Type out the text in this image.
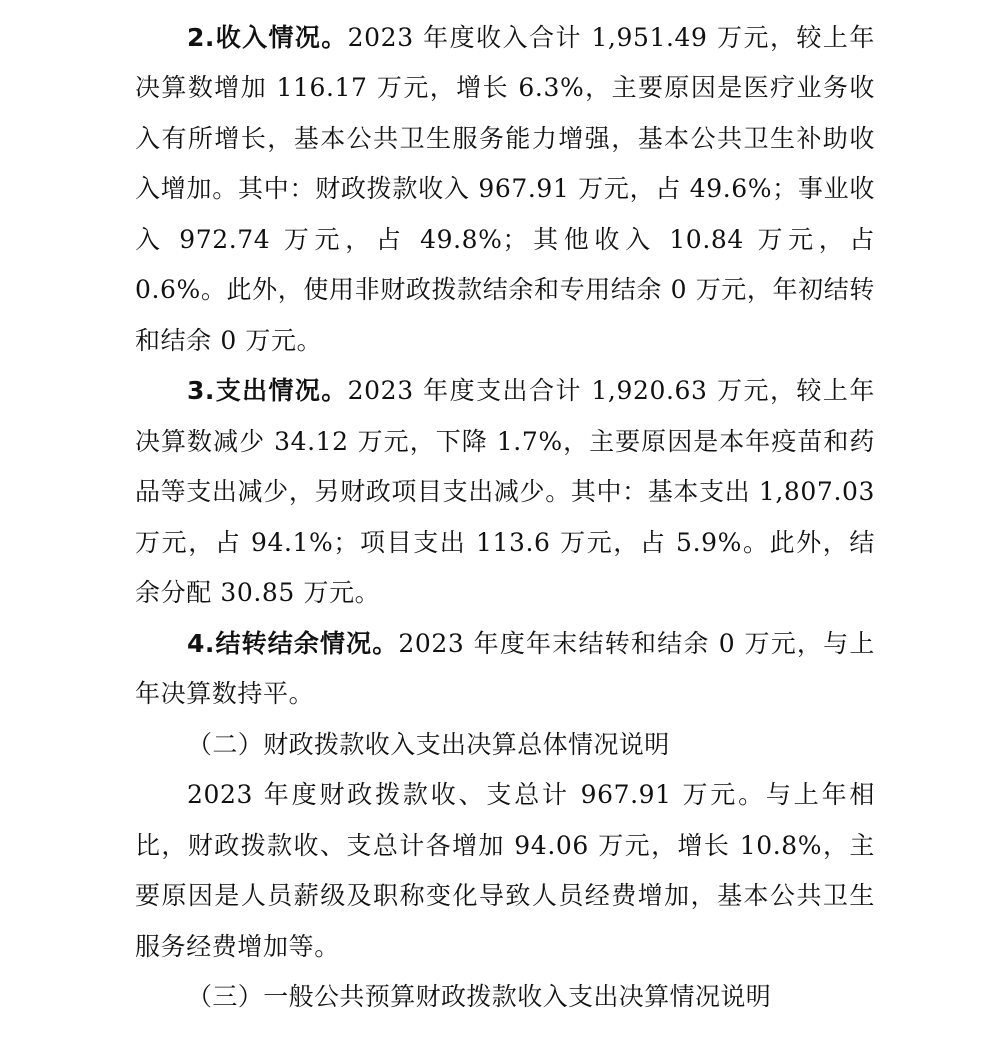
2.收入情况。2023 年度收入合计 1,951.49 万元，较上年决算数增加 116.17 万元，增长 6.3%，主要原因是医疗业务收入有所增长，基本公共卫生服务能力增强，基本公共卫生补助收入增加。其中：财政拨款收入 967.91 万元，占 49.6%；事业收入 972.74 万元，占 49.8%；其他收入 10.84 万元，占 0.6%。此外，使用非财政拨款结余和专用结余 0 万元，年初结转和结余 0 万元。

3.支出情况。2023 年度支出合计 1,920.63 万元，较上年决算数减少 34.12 万元，下降 1.7%，主要原因是本年疫苗和药品等支出减少，另财政项目支出减少。其中：基本支出 1,807.03 万元，占 94.1%；项目支出 113.6 万元，占 5.9%。此外，结余分配 30.85 万元。

4.结转结余情况。2023 年度年末结转和结余 0 万元，与上年决算数持平。

（二）财政拨款收入支出决算总体情况说明

2023 年度财政拨款收、支总计 967.91 万元。与上年相比，财政拨款收、支总计各增加 94.06 万元，增长 10.8%，主要原因是人员薪级及职称变化导致人员经费增加，基本公共卫生服务经费增加等。

（三）一般公共预算财政拨款收入支出决算情况说明
